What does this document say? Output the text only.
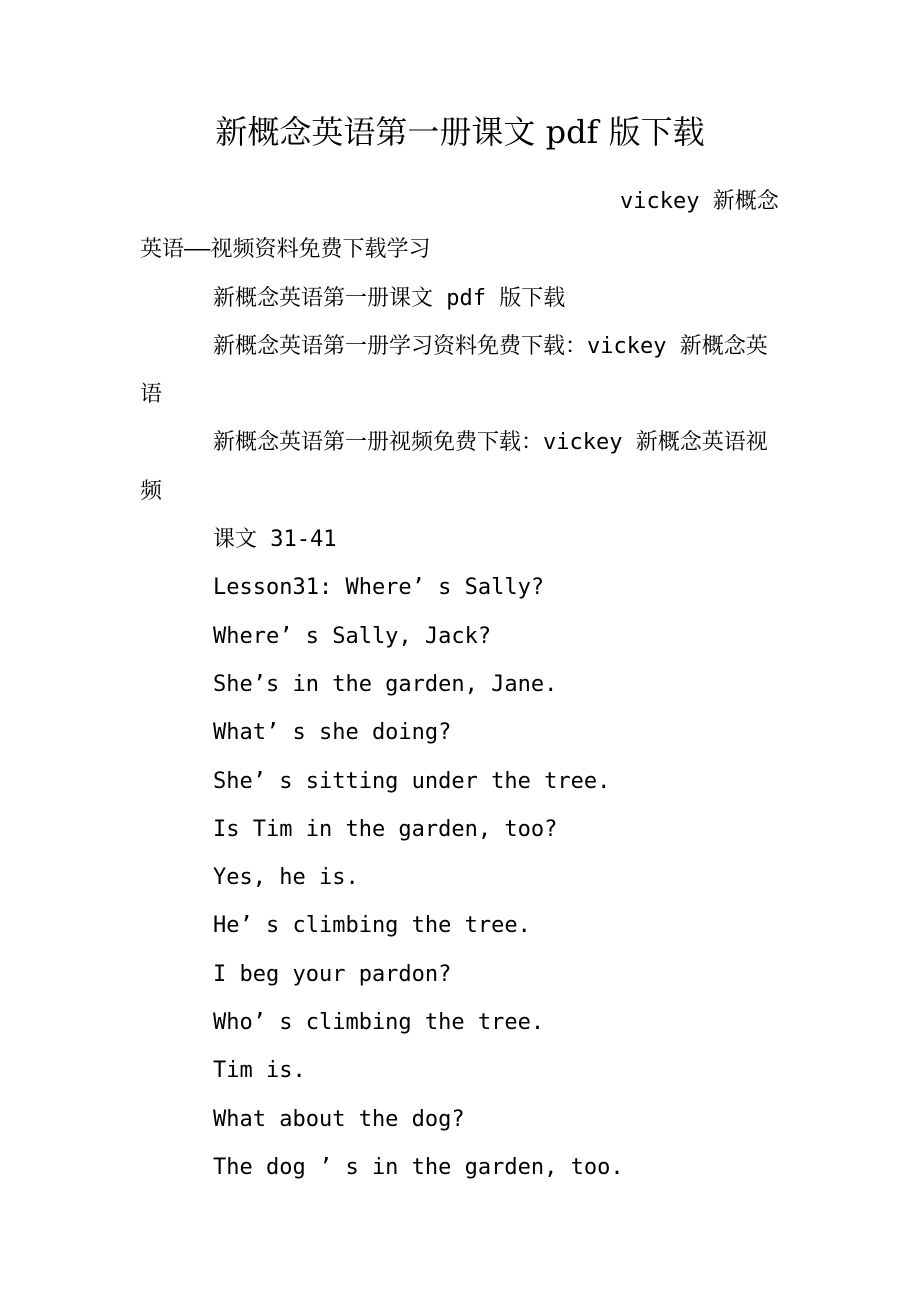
新概念英语第一册课文 pdf 版下载

vickey 新概念英语——视频资料免费下载学习

新概念英语第一册课文 pdf 版下载

新概念英语第一册学习资料免费下载：vickey 新概念英语

新概念英语第一册视频免费下载：vickey 新概念英语视频

课文 31-41

Lesson31: Where’ s Sally?

Where’ s Sally, Jack?

She’s in the garden, Jane.

What’ s she doing?

She’ s sitting under the tree.

Is Tim in the garden, too?

Yes, he is.

He’ s climbing the tree.

I beg your pardon?

Who’ s climbing the tree.

Tim is.

What about the dog?

The dog ’ s in the garden, too.
